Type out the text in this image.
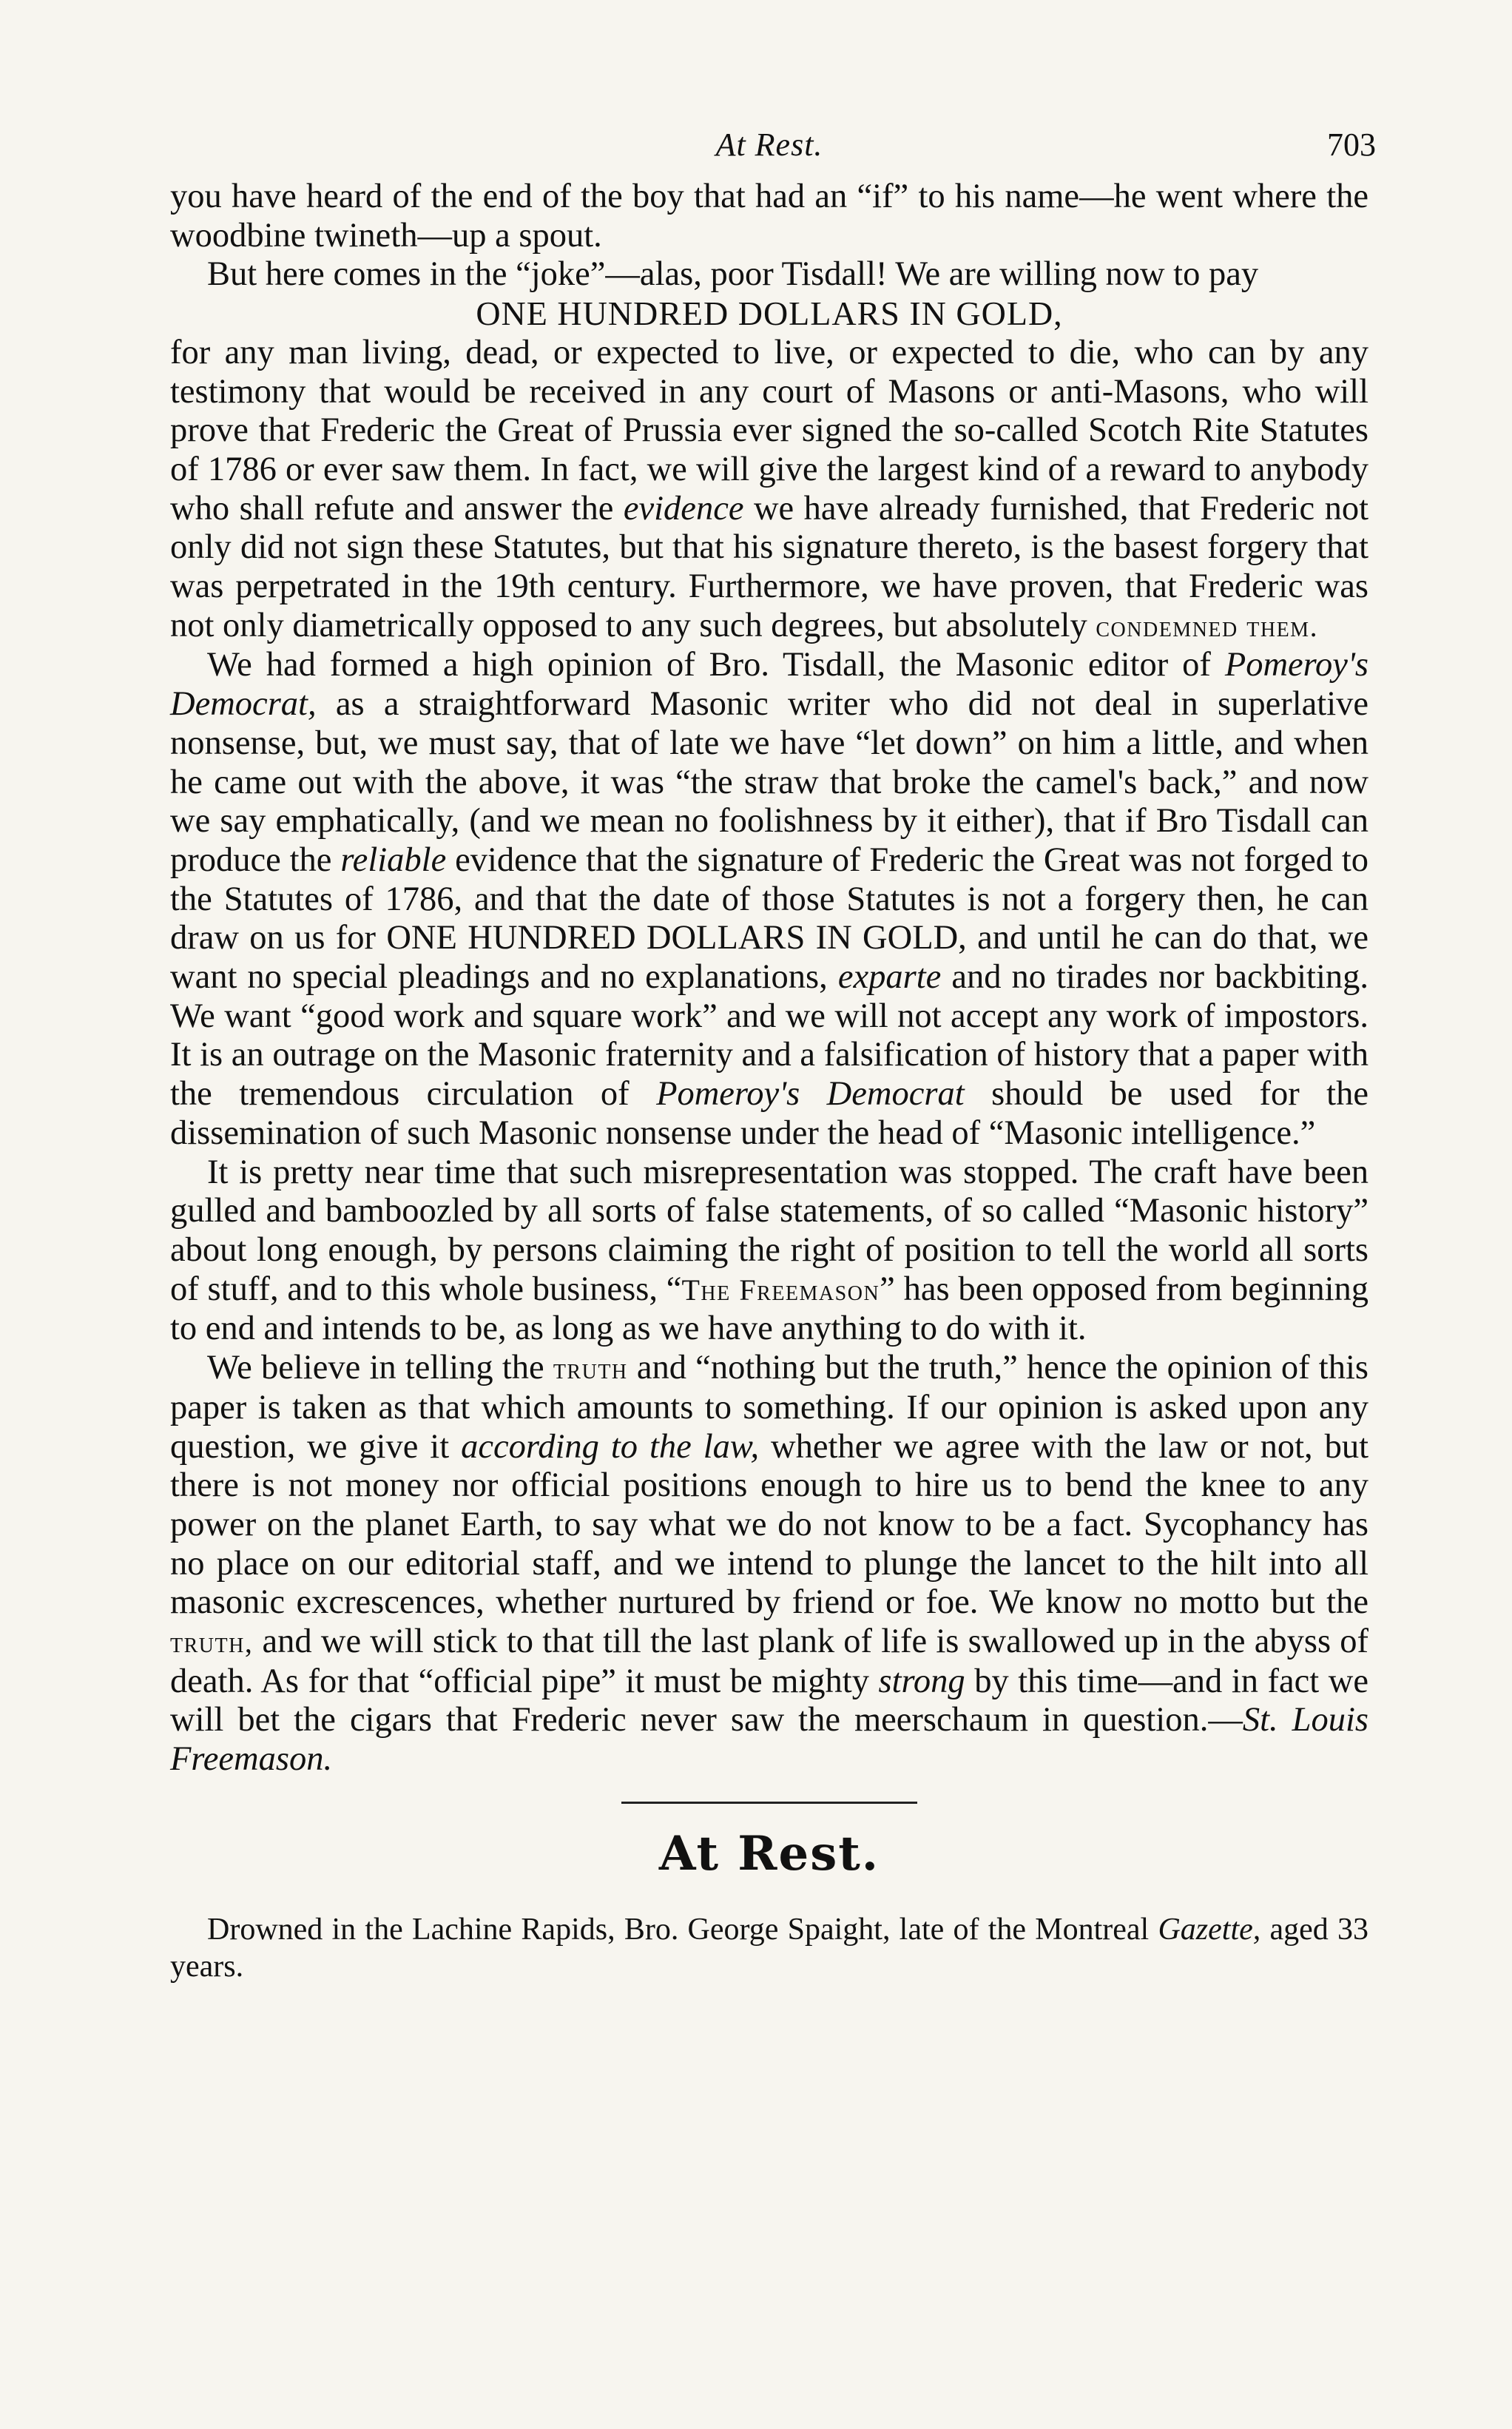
At Rest.	703

you have heard of the end of the boy that had an “if” to his name—he went where the woodbine twineth—up a spout.

But here comes in the “joke”—alas, poor Tisdall! We are willing now to pay

ONE HUNDRED DOLLARS IN GOLD,

for any man living, dead, or expected to live, or expected to die, who can by any testimony that would be received in any court of Masons or anti-Masons, who will prove that Frederic the Great of Prussia ever signed the so-called Scotch Rite Statutes of 1786 or ever saw them. In fact, we will give the largest kind of a reward to anybody who shall refute and answer the evidence we have already furnished, that Frederic not only did not sign these Statutes, but that his signature thereto, is the basest forgery that was perpetrated in the 19th century. Furthermore, we have proven, that Frederic was not only diametrically opposed to any such degrees, but absolutely condemned them.

We had formed a high opinion of Bro. Tisdall, the Masonic editor of Pomeroy's Democrat, as a straightforward Masonic writer who did not deal in superlative nonsense, but, we must say, that of late we have “let down” on him a little, and when he came out with the above, it was “the straw that broke the camel's back,” and now we say emphatically, (and we mean no foolishness by it either), that if Bro Tisdall can produce the reliable evidence that the signature of Frederic the Great was not forged to the Statutes of 1786, and that the date of those Statutes is not a forgery then, he can draw on us for ONE HUNDRED DOLLARS IN GOLD, and until he can do that, we want no special pleadings and no explanations, exparte and no tirades nor backbiting. We want “good work and square work” and we will not accept any work of impostors. It is an outrage on the Masonic fraternity and a falsification of history that a paper with the tremendous circulation of Pomeroy's Democrat should be used for the dissemination of such Masonic nonsense under the head of “Masonic intelligence.”

It is pretty near time that such misrepresentation was stopped. The craft have been gulled and bamboozled by all sorts of false statements, of so called “Masonic history” about long enough, by persons claiming the right of position to tell the world all sorts of stuff, and to this whole business, “The Freemason” has been opposed from beginning to end and intends to be, as long as we have anything to do with it.

We believe in telling the truth and “nothing but the truth,” hence the opinion of this paper is taken as that which amounts to something. If our opinion is asked upon any question, we give it according to the law, whether we agree with the law or not, but there is not money nor official positions enough to hire us to bend the knee to any power on the planet Earth, to say what we do not know to be a fact. Sycophancy has no place on our editorial staff, and we intend to plunge the lancet to the hilt into all masonic excrescences, whether nurtured by friend or foe. We know no motto but the truth, and we will stick to that till the last plank of life is swallowed up in the abyss of death. As for that “official pipe” it must be mighty strong by this time—and in fact we will bet the cigars that Frederic never saw the meerschaum in question.—St. Louis Freemason.

At Rest.

Drowned in the Lachine Rapids, Bro. George Spaight, late of the Montreal Gazette, aged 33 years.
